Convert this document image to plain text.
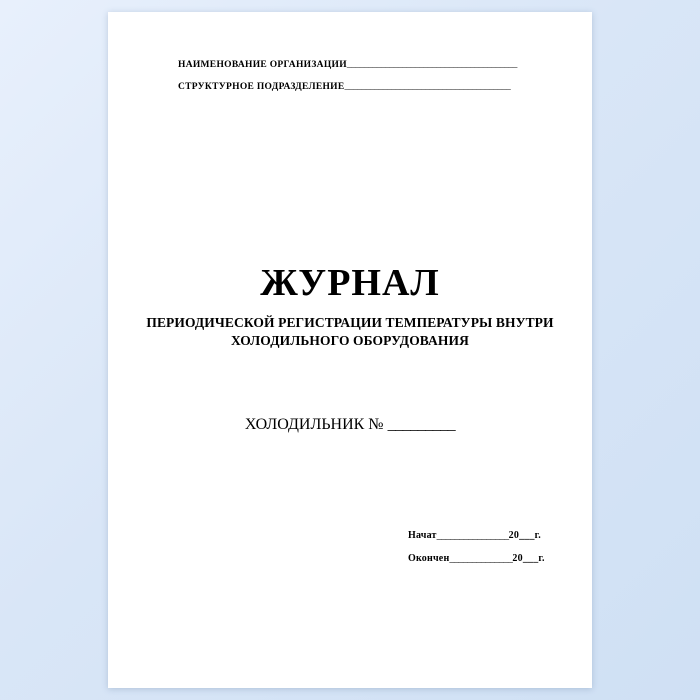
НАИМЕНОВАНИЕ ОРГАНИЗАЦИИ________________________________________
СТРУКТУРНОЕ ПОДРАЗДЕЛЕНИЕ_______________________________________
ЖУРНАЛ
ПЕРИОДИЧЕСКОЙ РЕГИСТРАЦИИ ТЕМПЕРАТУРЫ ВНУТРИ ХОЛОДИЛЬНОГО ОБОРУДОВАНИЯ
ХОЛОДИЛЬНИК № _________
Начат________________20___г.
Окончен______________20___г.
